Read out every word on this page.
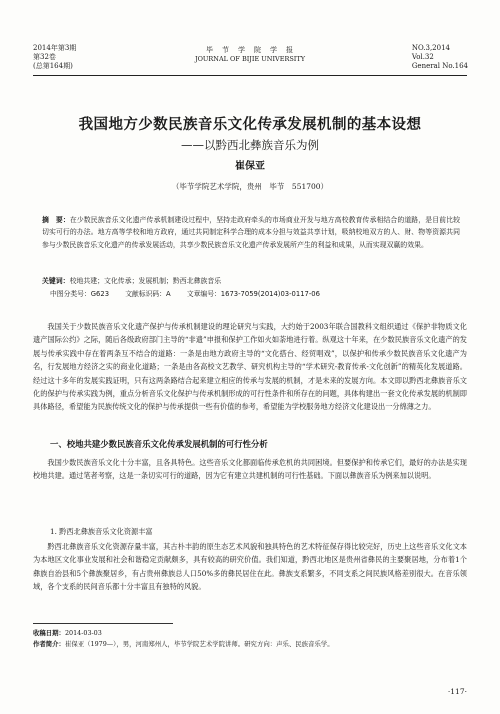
2014年第3期
第32卷
(总第164期)
毕　节　学　院　学　报
JOURNAL OF BIJIE UNIVERSITY
NO.3,2014
Vol.32
General No.164
我国地方少数民族音乐文化传承发展机制的基本设想
——以黔西北彝族音乐为例
崔保亚
（毕节学院艺术学院，贵州　毕节　551700）
摘　要：在少数民族音乐文化遗产传承机制建设过程中，坚持走政府牵头的市场商业开发与地方高校教育传承相结合的道路，是目前比较切实可行的办法。地方高等学校和地方政府，通过共同制定科学合理的成本分担与效益共享计划，吸纳校地双方的人、财、物等资源共同参与少数民族音乐文化遗产的传承发展活动，共享少数民族音乐文化遗产传承发展所产生的利益和成果，从而实现双赢的效果。
关键词：校地共建；文化传承；发展机制；黔西北彝族音乐
中图分类号：G623 文献标识码：A 文章编号：1673-7059(2014)03-0117-06

我国关于少数民族音乐文化遗产保护与传承机制建设的理论研究与实践，大约始于2003年联合国教科文组织通过《保护非物质文化遗产国际公约》之际，随后各级政府部门主导的“非遗”申报和保护工作如火如荼地进行着。纵观这十年来，在少数民族音乐文化遗产的发展与传承实践中存在着两条互不结合的道路：一条是由地方政府主导的“文化搭台、经贸唱戏”，以保护和传承少数民族音乐文化遗产为名，行发展地方经济之实的商业化道路；一条是由各高校文艺教学、研究机构主导的“学术研究-教育传承-文化创新”的精英化发展道路。经过这十多年的发展实践证明，只有这两条路结合起来建立相应的传承与发展的机制，才是未来的发展方向。本文即以黔西北彝族音乐文化的保护与传承实践为例，重点分析音乐文化保护与传承机制形成的可行性条件和所存在的问题，具体构建出一套文化传承发展的机制即具体路径，希望能为民族传统文化的保护与传承提供一些有价值的参考，希望能为学校服务地方经济文化建设出一分绵薄之力。

一、校地共建少数民族音乐文化传承发展机制的可行性分析

我国少数民族音乐文化十分丰富，且各具特色。这些音乐文化都面临传承危机的共同困境。但要保护和传承它们，最好的办法是实现校地共建。通过笔者考察，这是一条切实可行的道路，因为它有建立共建机制的可行性基础。下面以彝族音乐为例来加以说明。

1. 黔西北彝族音乐文化资源丰富

黔西北彝族音乐文化资源存量丰富，其古朴丰韵的原生态艺术风貌和独具特色的艺术特征保存得比较完好，历史上这些音乐文化文本为本地区文化事业发展和社会和谐稳定贡献颇多，具有较高的研究价值。我们知道，黔西北地区是贵州省彝民的主要聚居地，分布着1个彝族自治县和5个彝族聚居乡，有占贵州彝族总人口50%多的彝民居住在此。彝族支系繁多，不同支系之间民族风格差别很大。在音乐领域，各个支系的民间音乐都十分丰富且有独特的风貌。

收稿日期：2014-03-03
作者简介：崔保亚（1979—），男，河南郑州人，毕节学院艺术学院讲师。研究方向：声乐、民族音乐学。
·117·
